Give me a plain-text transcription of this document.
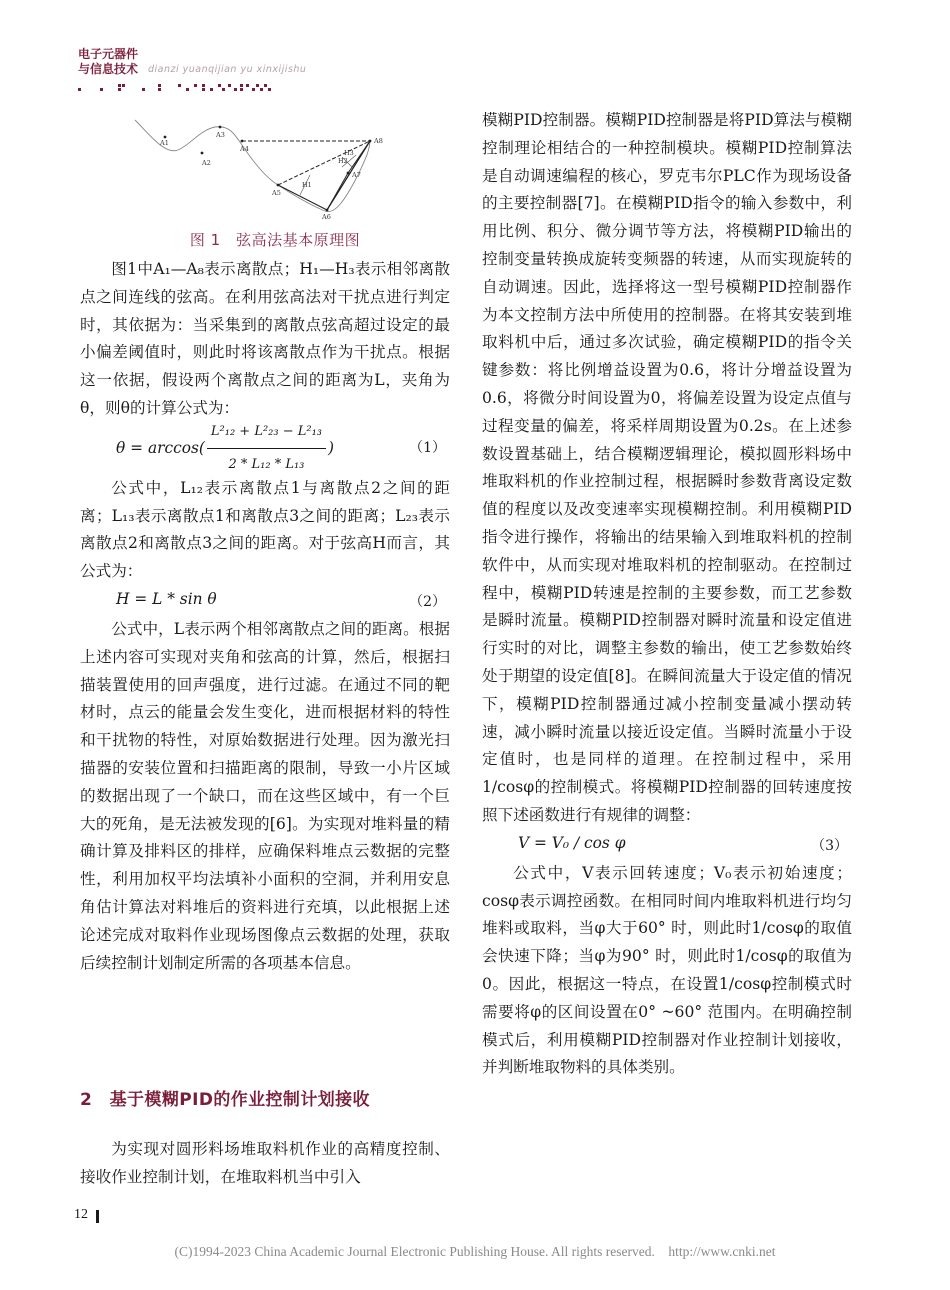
电子元器件
与信息技术 dianzi yuanqijian yu xinxijishu
A1
A2
A3
A4
A5
A6
A7
A8
H1
H2
H3
图 1　弦高法基本原理图

图1中A₁—A₈表示离散点；H₁—H₃表示相邻离散点之间连线的弦高。在利用弦高法对干扰点进行判定时，其依据为：当采集到的离散点弦高超过设定的最小偏差阈值时，则此时将该离散点作为干扰点。根据这一依据，假设两个离散点之间的距离为L，夹角为θ，则θ的计算公式为：

$\theta = \arccos( \frac{\text{L²₁₂ + L²₂₃ − L²₁₃}}{\text{2 * L₁₂ * L₁₃}}$ )	（1）

公式中，L₁₂表示离散点1与离散点2之间的距离；L₁₃表示离散点1和离散点3之间的距离；L₂₃表示离散点2和离散点3之间的距离。对于弦高H而言，其公式为：

H = L * sin θ	（2）

公式中，L表示两个相邻离散点之间的距离。根据上述内容可实现对夹角和弦高的计算，然后，根据扫描装置使用的回声强度，进行过滤。在通过不同的靶材时，点云的能量会发生变化，进而根据材料的特性和干扰物的特性，对原始数据进行处理。因为激光扫描器的安装位置和扫描距离的限制，导致一小片区域的数据出现了一个缺口，而在这些区域中，有一个巨大的死角，是无法被发现的[6]。为实现对堆料量的精确计算及排料区的排样，应确保料堆点云数据的完整性，利用加权平均法填补小面积的空洞，并利用安息角估计算法对料堆后的资料进行充填，以此根据上述论述完成对取料作业现场图像点云数据的处理，获取后续控制计划制定所需的各项基本信息。

2　基于模糊PID的作业控制计划接收

为实现对圆形料场堆取料机作业的高精度控制、接收作业控制计划，在堆取料机当中引入

模糊PID控制器。模糊PID控制器是将PID算法与模糊控制理论相结合的一种控制模块。模糊PID控制算法是自动调速编程的核心，罗克韦尔PLC作为现场设备的主要控制器[7]。在模糊PID指令的输入参数中，利用比例、积分、微分调节等方法，将模糊PID输出的控制变量转换成旋转变频器的转速，从而实现旋转的自动调速。因此，选择将这一型号模糊PID控制器作为本文控制方法中所使用的控制器。在将其安装到堆取料机中后，通过多次试验，确定模糊PID的指令关键参数：将比例增益设置为0.6，将计分增益设置为0.6，将微分时间设置为0，将偏差设置为设定点值与过程变量的偏差，将采样周期设置为0.2s。在上述参数设置基础上，结合模糊逻辑理论，模拟圆形料场中堆取料机的作业控制过程，根据瞬时参数背离设定数值的程度以及改变速率实现模糊控制。利用模糊PID指令进行操作，将输出的结果输入到堆取料机的控制软件中，从而实现对堆取料机的控制驱动。在控制过程中，模糊PID转速是控制的主要参数，而工艺参数是瞬时流量。模糊PID控制器对瞬时流量和设定值进行实时的对比，调整主参数的输出，使工艺参数始终处于期望的设定值[8]。在瞬间流量大于设定值的情况下，模糊PID控制器通过减小控制变量减小摆动转速，减小瞬时流量以接近设定值。当瞬时流量小于设定值时，也是同样的道理。在控制过程中，采用1/cosφ的控制模式。将模糊PID控制器的回转速度按照下述函数进行有规律的调整：

V = V₀ / cos φ	（3）

公式中，V表示回转速度；V₀表示初始速度；cosφ表示调控函数。在相同时间内堆取料机进行均匀堆料或取料，当φ大于60° 时，则此时1/cosφ的取值会快速下降；当φ为90° 时，则此时1/cosφ的取值为0。因此，根据这一特点，在设置1/cosφ控制模式时需要将φ的区间设置在0° ~60° 范围内。在明确控制模式后，利用模糊PID控制器对作业控制计划接收，并判断堆取物料的具体类别。

12
(C)1994-2023 China Academic Journal Electronic Publishing House. All rights reserved.    http://www.cnki.net
